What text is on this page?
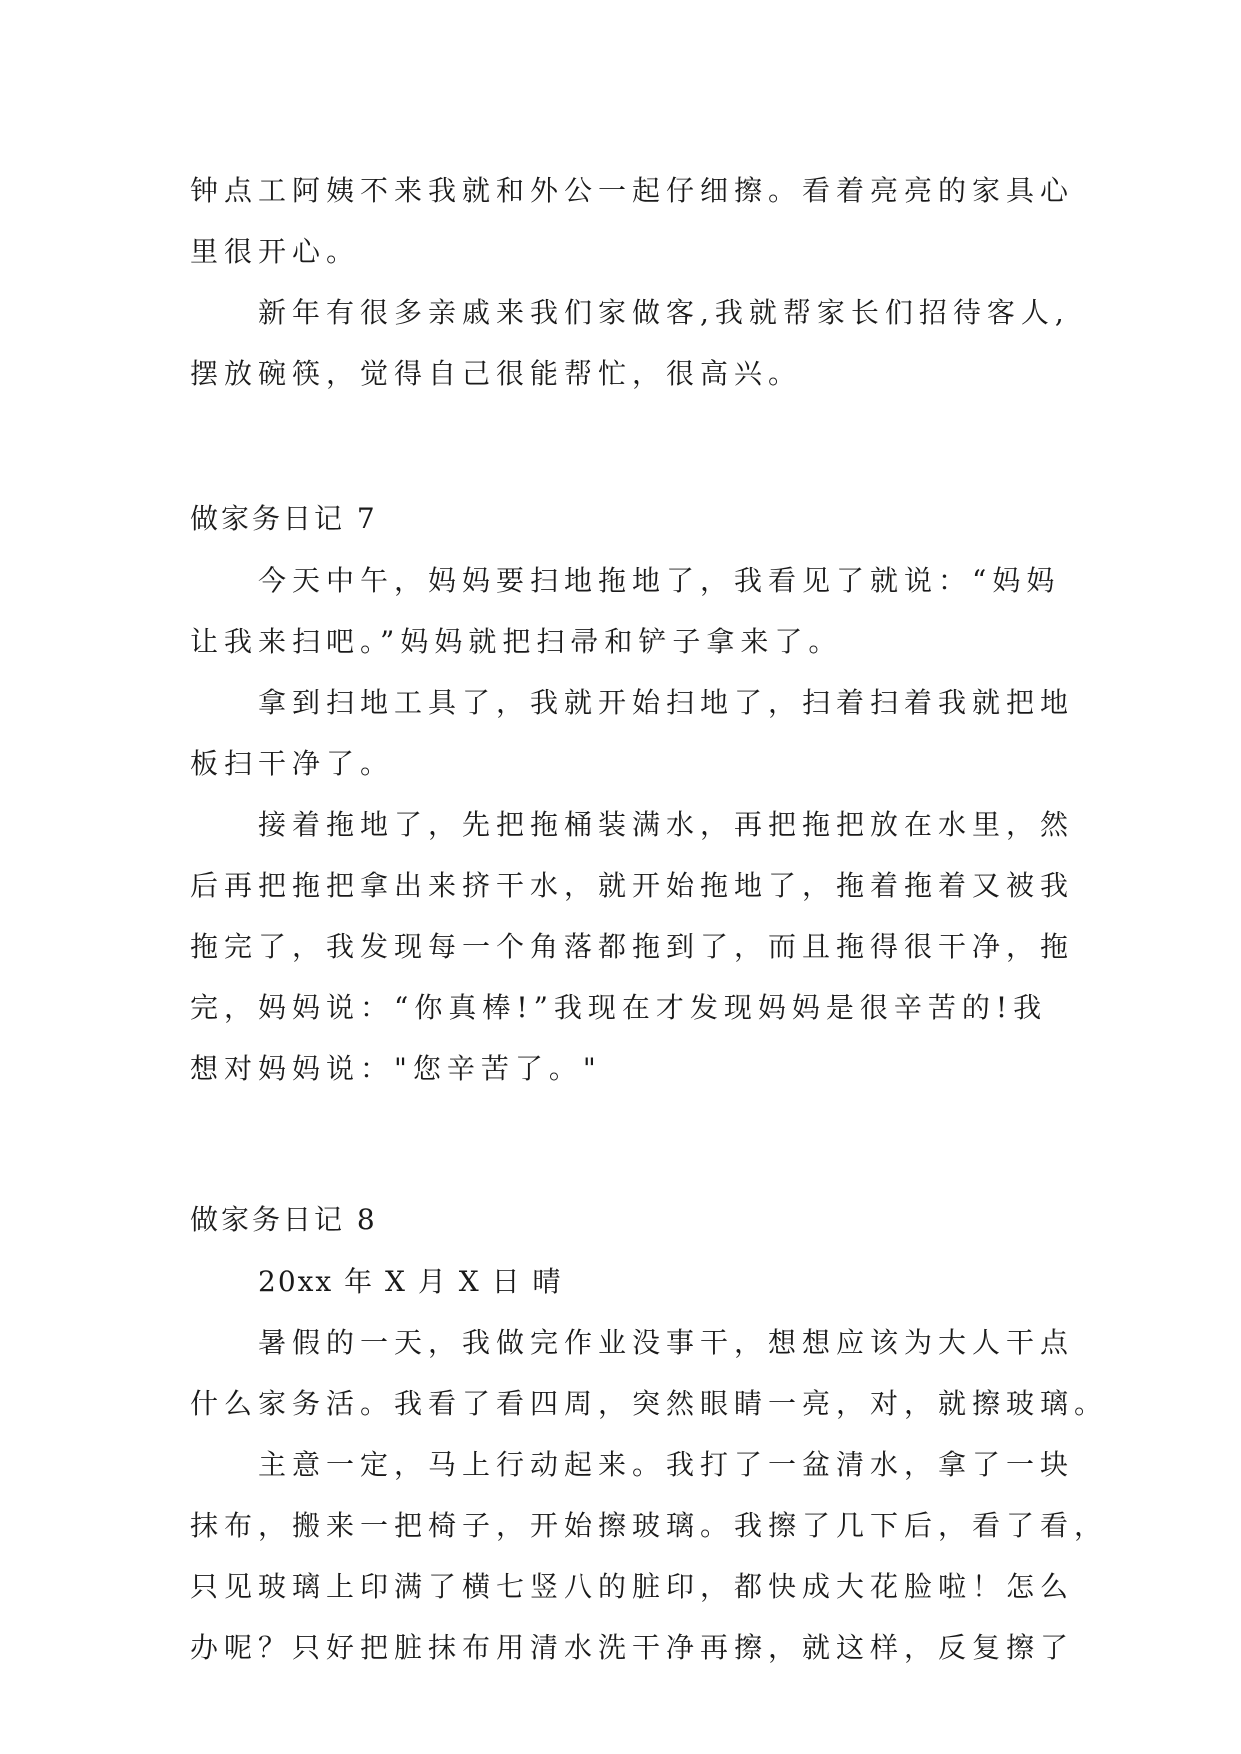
钟点工阿姨不来我就和外公一起仔细擦。看着亮亮的家具心
里很开心。
新年有很多亲戚来我们家做客,我就帮家长们招待客人,
摆放碗筷，觉得自己很能帮忙，很高兴。
做家务日记 7
今天中午，妈妈要扫地拖地了，我看见了就说：“妈妈
让我来扫吧。”妈妈就把扫帚和铲子拿来了。
拿到扫地工具了，我就开始扫地了，扫着扫着我就把地
板扫干净了。
接着拖地了，先把拖桶装满水，再把拖把放在水里，然
后再把拖把拿出来挤干水，就开始拖地了，拖着拖着又被我
拖完了，我发现每一个角落都拖到了，而且拖得很干净，拖
完，妈妈说：“你真棒!”我现在才发现妈妈是很辛苦的!我
想对妈妈说："您辛苦了。"
做家务日记 8
20xx 年 X 月 X 日 晴
暑假的一天，我做完作业没事干，想想应该为大人干点
什么家务活。我看了看四周，突然眼睛一亮，对，就擦玻璃。
主意一定，马上行动起来。我打了一盆清水，拿了一块
抹布，搬来一把椅子，开始擦玻璃。我擦了几下后，看了看，
只见玻璃上印满了横七竖八的脏印，都快成大花脸啦！怎么
办呢？只好把脏抹布用清水洗干净再擦，就这样，反复擦了
